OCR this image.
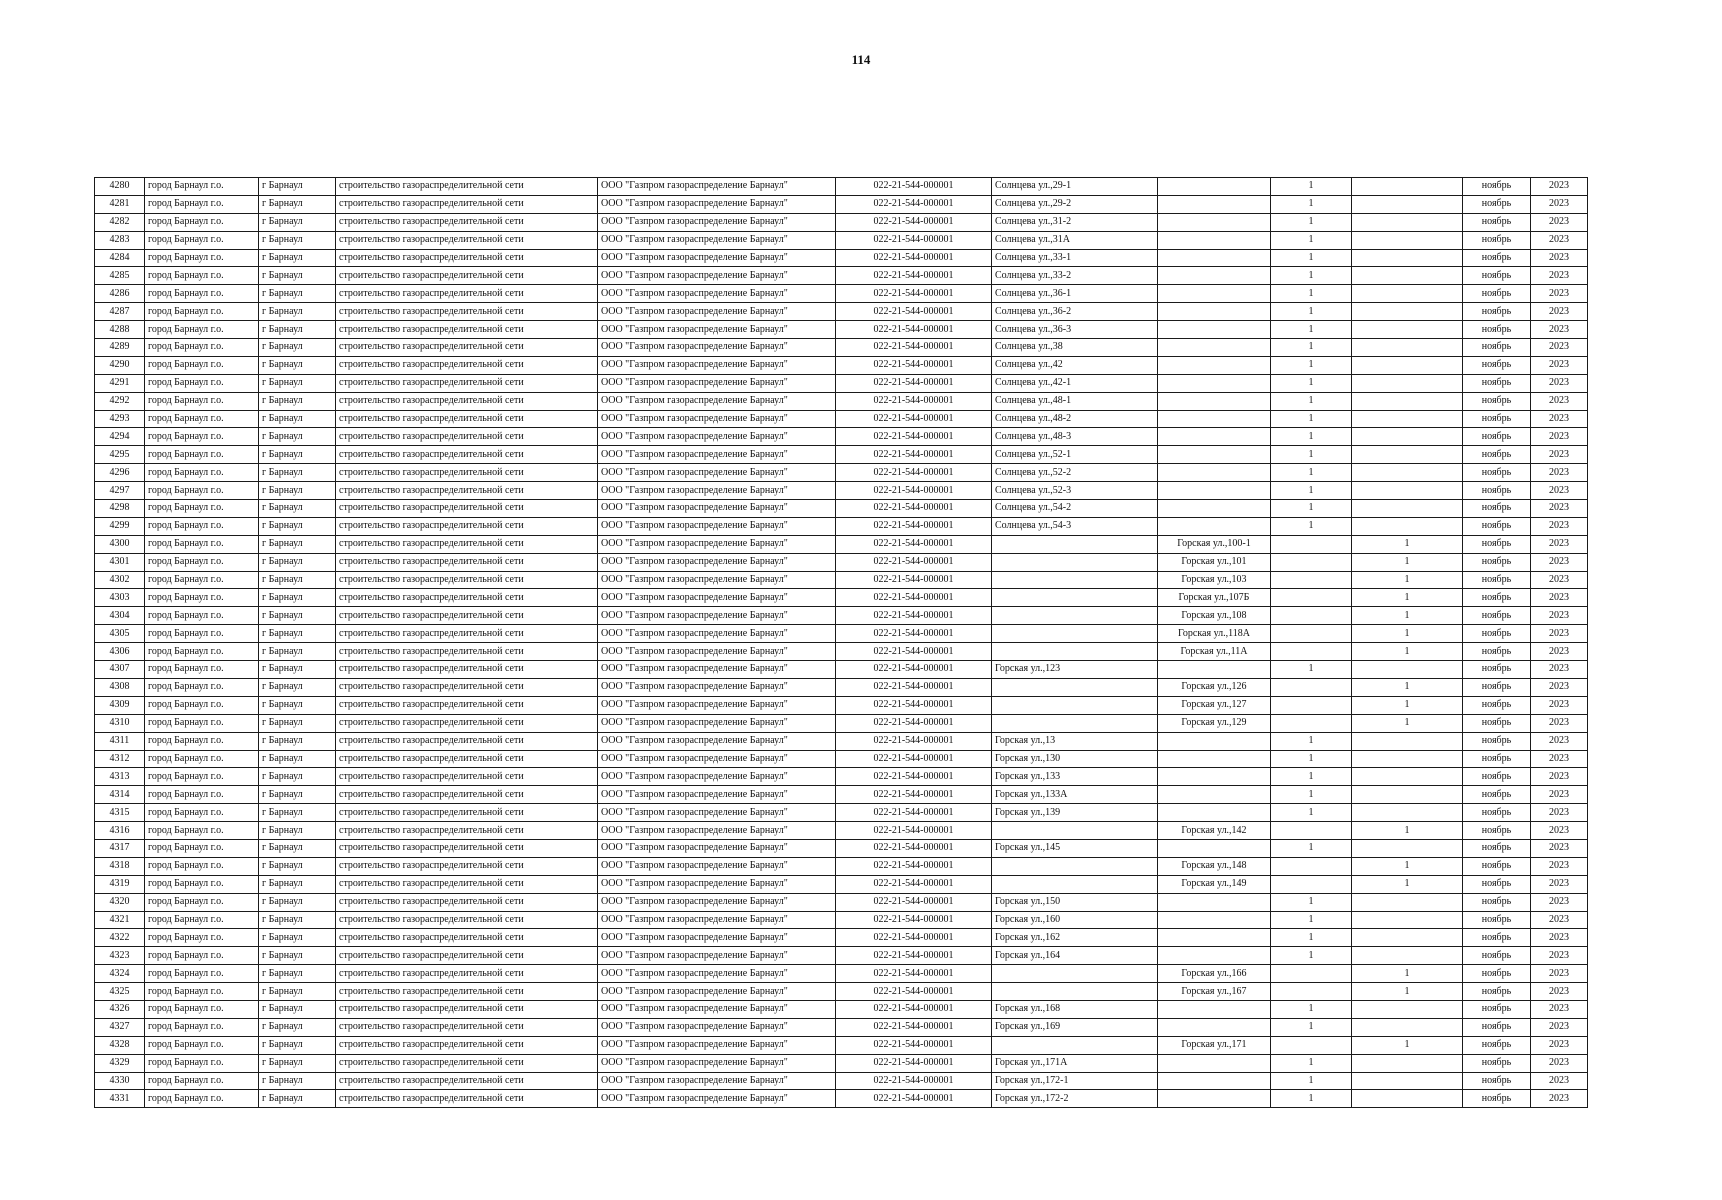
114
4280	город Барнаул г.о.	г Барнаул	строительство газораспределительной сети	ООО "Газпром газораспределение Барнаул"	022-21-544-000001	Солнцева ул.,29-1		1		ноябрь	2023
4281	город Барнаул г.о.	г Барнаул	строительство газораспределительной сети	ООО "Газпром газораспределение Барнаул"	022-21-544-000001	Солнцева ул.,29-2		1		ноябрь	2023
4282	город Барнаул г.о.	г Барнаул	строительство газораспределительной сети	ООО "Газпром газораспределение Барнаул"	022-21-544-000001	Солнцева ул.,31-2		1		ноябрь	2023
4283	город Барнаул г.о.	г Барнаул	строительство газораспределительной сети	ООО "Газпром газораспределение Барнаул"	022-21-544-000001	Солнцева ул.,31А		1		ноябрь	2023
4284	город Барнаул г.о.	г Барнаул	строительство газораспределительной сети	ООО "Газпром газораспределение Барнаул"	022-21-544-000001	Солнцева ул.,33-1		1		ноябрь	2023
4285	город Барнаул г.о.	г Барнаул	строительство газораспределительной сети	ООО "Газпром газораспределение Барнаул"	022-21-544-000001	Солнцева ул.,33-2		1		ноябрь	2023
4286	город Барнаул г.о.	г Барнаул	строительство газораспределительной сети	ООО "Газпром газораспределение Барнаул"	022-21-544-000001	Солнцева ул.,36-1		1		ноябрь	2023
4287	город Барнаул г.о.	г Барнаул	строительство газораспределительной сети	ООО "Газпром газораспределение Барнаул"	022-21-544-000001	Солнцева ул.,36-2		1		ноябрь	2023
4288	город Барнаул г.о.	г Барнаул	строительство газораспределительной сети	ООО "Газпром газораспределение Барнаул"	022-21-544-000001	Солнцева ул.,36-3		1		ноябрь	2023
4289	город Барнаул г.о.	г Барнаул	строительство газораспределительной сети	ООО "Газпром газораспределение Барнаул"	022-21-544-000001	Солнцева ул.,38		1		ноябрь	2023
4290	город Барнаул г.о.	г Барнаул	строительство газораспределительной сети	ООО "Газпром газораспределение Барнаул"	022-21-544-000001	Солнцева ул.,42		1		ноябрь	2023
4291	город Барнаул г.о.	г Барнаул	строительство газораспределительной сети	ООО "Газпром газораспределение Барнаул"	022-21-544-000001	Солнцева ул.,42-1		1		ноябрь	2023
4292	город Барнаул г.о.	г Барнаул	строительство газораспределительной сети	ООО "Газпром газораспределение Барнаул"	022-21-544-000001	Солнцева ул.,48-1		1		ноябрь	2023
4293	город Барнаул г.о.	г Барнаул	строительство газораспределительной сети	ООО "Газпром газораспределение Барнаул"	022-21-544-000001	Солнцева ул.,48-2		1		ноябрь	2023
4294	город Барнаул г.о.	г Барнаул	строительство газораспределительной сети	ООО "Газпром газораспределение Барнаул"	022-21-544-000001	Солнцева ул.,48-3		1		ноябрь	2023
4295	город Барнаул г.о.	г Барнаул	строительство газораспределительной сети	ООО "Газпром газораспределение Барнаул"	022-21-544-000001	Солнцева ул.,52-1		1		ноябрь	2023
4296	город Барнаул г.о.	г Барнаул	строительство газораспределительной сети	ООО "Газпром газораспределение Барнаул"	022-21-544-000001	Солнцева ул.,52-2		1		ноябрь	2023
4297	город Барнаул г.о.	г Барнаул	строительство газораспределительной сети	ООО "Газпром газораспределение Барнаул"	022-21-544-000001	Солнцева ул.,52-3		1		ноябрь	2023
4298	город Барнаул г.о.	г Барнаул	строительство газораспределительной сети	ООО "Газпром газораспределение Барнаул"	022-21-544-000001	Солнцева ул.,54-2		1		ноябрь	2023
4299	город Барнаул г.о.	г Барнаул	строительство газораспределительной сети	ООО "Газпром газораспределение Барнаул"	022-21-544-000001	Солнцева ул.,54-3		1		ноябрь	2023
4300	город Барнаул г.о.	г Барнаул	строительство газораспределительной сети	ООО "Газпром газораспределение Барнаул"	022-21-544-000001		Горская ул.,100-1		1	ноябрь	2023
4301	город Барнаул г.о.	г Барнаул	строительство газораспределительной сети	ООО "Газпром газораспределение Барнаул"	022-21-544-000001		Горская ул.,101		1	ноябрь	2023
4302	город Барнаул г.о.	г Барнаул	строительство газораспределительной сети	ООО "Газпром газораспределение Барнаул"	022-21-544-000001		Горская ул.,103		1	ноябрь	2023
4303	город Барнаул г.о.	г Барнаул	строительство газораспределительной сети	ООО "Газпром газораспределение Барнаул"	022-21-544-000001		Горская ул.,107Б		1	ноябрь	2023
4304	город Барнаул г.о.	г Барнаул	строительство газораспределительной сети	ООО "Газпром газораспределение Барнаул"	022-21-544-000001		Горская ул.,108		1	ноябрь	2023
4305	город Барнаул г.о.	г Барнаул	строительство газораспределительной сети	ООО "Газпром газораспределение Барнаул"	022-21-544-000001		Горская ул.,118А		1	ноябрь	2023
4306	город Барнаул г.о.	г Барнаул	строительство газораспределительной сети	ООО "Газпром газораспределение Барнаул"	022-21-544-000001		Горская ул.,11А		1	ноябрь	2023
4307	город Барнаул г.о.	г Барнаул	строительство газораспределительной сети	ООО "Газпром газораспределение Барнаул"	022-21-544-000001	Горская ул.,123		1		ноябрь	2023
4308	город Барнаул г.о.	г Барнаул	строительство газораспределительной сети	ООО "Газпром газораспределение Барнаул"	022-21-544-000001		Горская ул.,126		1	ноябрь	2023
4309	город Барнаул г.о.	г Барнаул	строительство газораспределительной сети	ООО "Газпром газораспределение Барнаул"	022-21-544-000001		Горская ул.,127		1	ноябрь	2023
4310	город Барнаул г.о.	г Барнаул	строительство газораспределительной сети	ООО "Газпром газораспределение Барнаул"	022-21-544-000001		Горская ул.,129		1	ноябрь	2023
4311	город Барнаул г.о.	г Барнаул	строительство газораспределительной сети	ООО "Газпром газораспределение Барнаул"	022-21-544-000001	Горская ул.,13		1		ноябрь	2023
4312	город Барнаул г.о.	г Барнаул	строительство газораспределительной сети	ООО "Газпром газораспределение Барнаул"	022-21-544-000001	Горская ул.,130		1		ноябрь	2023
4313	город Барнаул г.о.	г Барнаул	строительство газораспределительной сети	ООО "Газпром газораспределение Барнаул"	022-21-544-000001	Горская ул.,133		1		ноябрь	2023
4314	город Барнаул г.о.	г Барнаул	строительство газораспределительной сети	ООО "Газпром газораспределение Барнаул"	022-21-544-000001	Горская ул.,133А		1		ноябрь	2023
4315	город Барнаул г.о.	г Барнаул	строительство газораспределительной сети	ООО "Газпром газораспределение Барнаул"	022-21-544-000001	Горская ул.,139		1		ноябрь	2023
4316	город Барнаул г.о.	г Барнаул	строительство газораспределительной сети	ООО "Газпром газораспределение Барнаул"	022-21-544-000001		Горская ул.,142		1	ноябрь	2023
4317	город Барнаул г.о.	г Барнаул	строительство газораспределительной сети	ООО "Газпром газораспределение Барнаул"	022-21-544-000001	Горская ул.,145		1		ноябрь	2023
4318	город Барнаул г.о.	г Барнаул	строительство газораспределительной сети	ООО "Газпром газораспределение Барнаул"	022-21-544-000001		Горская ул.,148		1	ноябрь	2023
4319	город Барнаул г.о.	г Барнаул	строительство газораспределительной сети	ООО "Газпром газораспределение Барнаул"	022-21-544-000001		Горская ул.,149		1	ноябрь	2023
4320	город Барнаул г.о.	г Барнаул	строительство газораспределительной сети	ООО "Газпром газораспределение Барнаул"	022-21-544-000001	Горская ул.,150		1		ноябрь	2023
4321	город Барнаул г.о.	г Барнаул	строительство газораспределительной сети	ООО "Газпром газораспределение Барнаул"	022-21-544-000001	Горская ул.,160		1		ноябрь	2023
4322	город Барнаул г.о.	г Барнаул	строительство газораспределительной сети	ООО "Газпром газораспределение Барнаул"	022-21-544-000001	Горская ул.,162		1		ноябрь	2023
4323	город Барнаул г.о.	г Барнаул	строительство газораспределительной сети	ООО "Газпром газораспределение Барнаул"	022-21-544-000001	Горская ул.,164		1		ноябрь	2023
4324	город Барнаул г.о.	г Барнаул	строительство газораспределительной сети	ООО "Газпром газораспределение Барнаул"	022-21-544-000001		Горская ул.,166		1	ноябрь	2023
4325	город Барнаул г.о.	г Барнаул	строительство газораспределительной сети	ООО "Газпром газораспределение Барнаул"	022-21-544-000001		Горская ул.,167		1	ноябрь	2023
4326	город Барнаул г.о.	г Барнаул	строительство газораспределительной сети	ООО "Газпром газораспределение Барнаул"	022-21-544-000001	Горская ул.,168		1		ноябрь	2023
4327	город Барнаул г.о.	г Барнаул	строительство газораспределительной сети	ООО "Газпром газораспределение Барнаул"	022-21-544-000001	Горская ул.,169		1		ноябрь	2023
4328	город Барнаул г.о.	г Барнаул	строительство газораспределительной сети	ООО "Газпром газораспределение Барнаул"	022-21-544-000001		Горская ул.,171		1	ноябрь	2023
4329	город Барнаул г.о.	г Барнаул	строительство газораспределительной сети	ООО "Газпром газораспределение Барнаул"	022-21-544-000001	Горская ул.,171А		1		ноябрь	2023
4330	город Барнаул г.о.	г Барнаул	строительство газораспределительной сети	ООО "Газпром газораспределение Барнаул"	022-21-544-000001	Горская ул.,172-1		1		ноябрь	2023
4331	город Барнаул г.о.	г Барнаул	строительство газораспределительной сети	ООО "Газпром газораспределение Барнаул"	022-21-544-000001	Горская ул.,172-2		1		ноябрь	2023
